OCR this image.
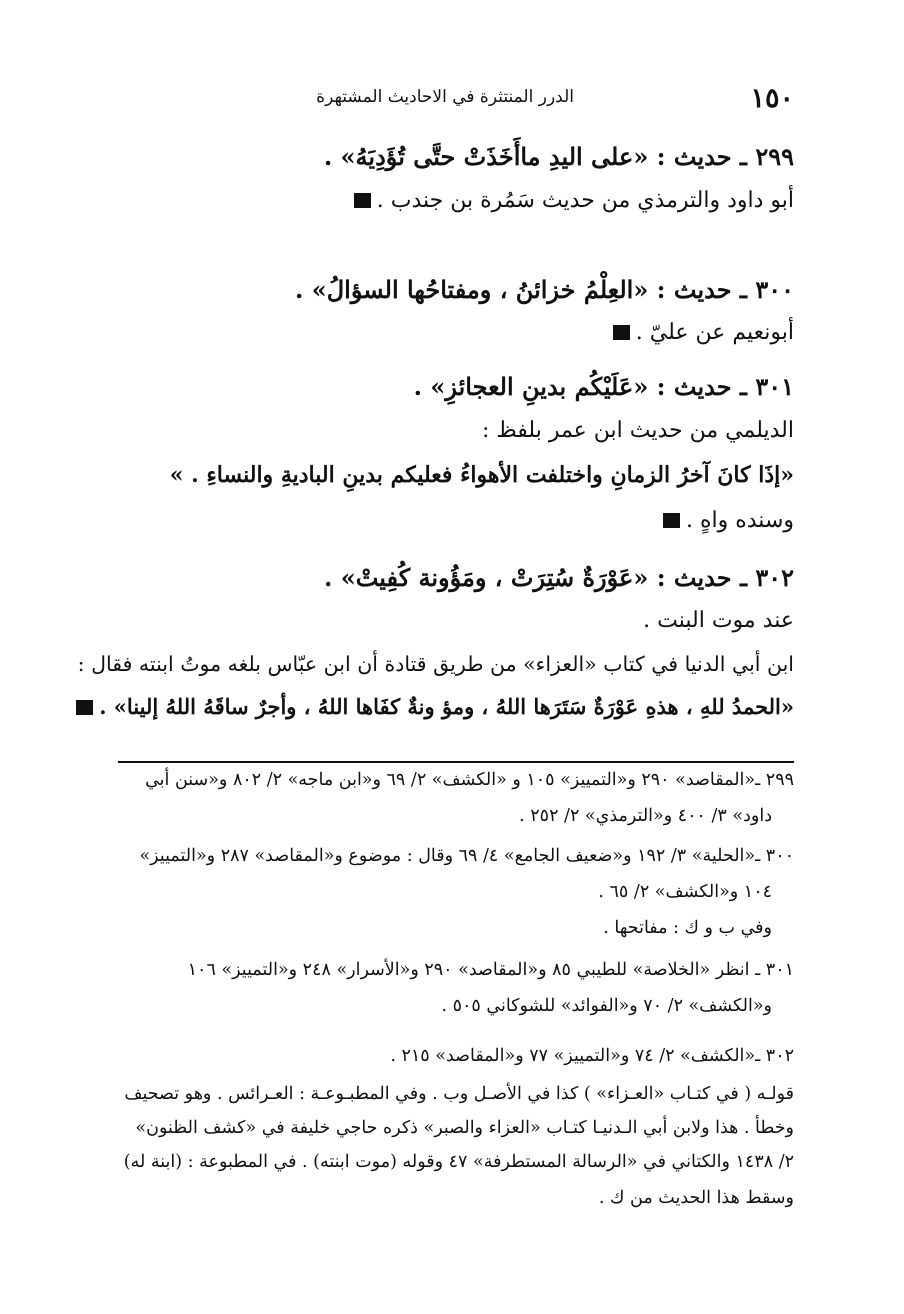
١٥٠
الدرر المنتثرة في الاحاديث المشتهرة
٢٩٩ ـ حديث : «على اليدِ ماأَخَذَتْ حتَّى تُؤَدِيَهُ» .
أبو داود والترمذي من حديث سَمُرة بن جندب .
٣٠٠ ـ حديث : «العِلْمُ خزائنُ ، ومفتاحُها السؤالُ» .
أبونعيم عن عليّ .
٣٠١ ـ حديث : «عَلَيْكُم بدينِ العجائزِ» .
الديلمي من حديث ابن عمر بلفظ :
«إذَا كانَ آخرُ الزمانِ واختلفت الأهواءُ فعليكم بدينِ الباديةِ والنساءِ . »
وسنده واهٍ .
٣٠٢ ـ حديث : «عَوْرَةٌ سُتِرَتْ ، ومَؤُونة كُفِيتْ» .
عند موت البنت .
ابن أبي الدنيا في كتاب «العزاء» من طريق قتادة أن ابن عبّاس بلغه موتُ ابنته فقال :
«الحمدُ للهِ ، هذهِ عَوْرَةٌ سَتَرَها اللهُ ، ومؤ ونةٌ كفَاها اللهُ ، وأجرٌ ساقَهُ اللهُ إلينا» .
٢٩٩ ـ«المقاصد» ٢٩٠ و«التمييز» ١٠٥ و «الكشف» ٢/ ٦٩ و«ابن ماجه» ٢/ ٨٠٢ و«سنن أبي
داود» ٣/ ٤٠٠ و«الترمذي» ٢/ ٢٥٢ .
٣٠٠ ـ«الحلية» ٣/ ١٩٢ و«ضعيف الجامع» ٤/ ٦٩ وقال : موضوع و«المقاصد» ٢٨٧ و«التمييز»
١٠٤ و«الكشف» ٢/ ٦٥ .
وفي ب و ك : مفاتحها .
٣٠١ ـ انظر «الخلاصة» للطيبي ٨٥ و«المقاصد» ٢٩٠ و«الأسرار» ٢٤٨ و«التمييز» ١٠٦
و«الكشف» ٢/ ٧٠ و«الفوائد» للشوكاني ٥٠٥ .
٣٠٢ ـ«الكشف» ٢/ ٧٤ و«التمييز» ٧٧ و«المقاصد» ٢١٥ .
قولـه ( في كتـاب «العـزاء» ) كذا في الأصـل وب . وفي المطبـوعـة : العـرائس . وهو تصحيف
وخطأ . هذا ولابن أبي الـدنيـا كتـاب «العزاء والصبر» ذكره حاجي خليفة في «كشف الظنون»
٢/ ١٤٣٨ والكتاني في «الرسالة المستطرفة» ٤٧ وقوله (موت ابنته) . في المطبوعة : (ابنة له)
وسقط هذا الحديث من ك .
